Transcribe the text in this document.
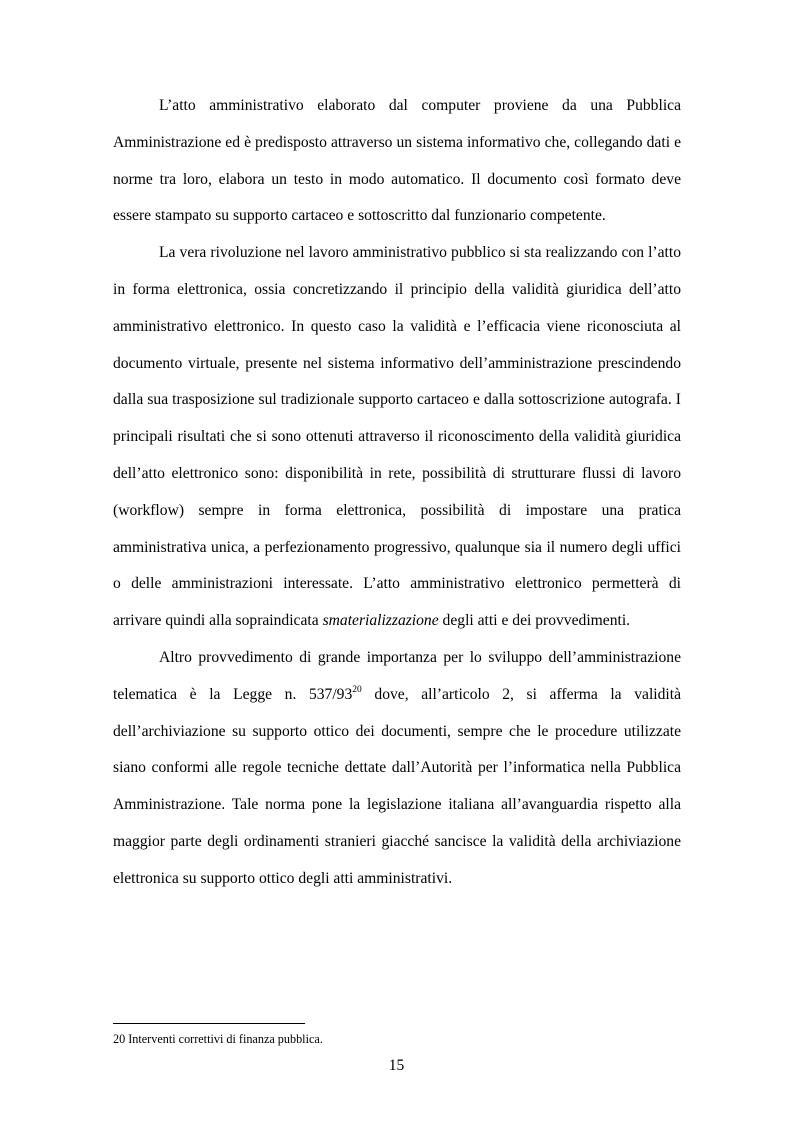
L’atto amministrativo elaborato dal computer proviene da una Pubblica Amministrazione ed è predisposto attraverso un sistema informativo che, collegando dati e norme tra loro, elabora un testo in modo automatico. Il documento così formato deve essere stampato su supporto cartaceo e sottoscritto dal funzionario competente.

La vera rivoluzione nel lavoro amministrativo pubblico si sta realizzando con l’atto in forma elettronica, ossia concretizzando il principio della validità giuridica dell’atto amministrativo elettronico. In questo caso la validità e l’efficacia viene riconosciuta al documento virtuale, presente nel sistema informativo dell’amministrazione prescindendo dalla sua trasposizione sul tradizionale supporto cartaceo e dalla sottoscrizione autografa. I principali risultati che si sono ottenuti attraverso il riconoscimento della validità giuridica dell’atto elettronico sono: disponibilità in rete, possibilità di strutturare flussi di lavoro (workflow) sempre in forma elettronica, possibilità di impostare una pratica amministrativa unica, a perfezionamento progressivo, qualunque sia il numero degli uffici o delle amministrazioni interessate. L’atto amministrativo elettronico permetterà di arrivare quindi alla sopraindicata smaterializzazione degli atti e dei provvedimenti.

Altro provvedimento di grande importanza per lo sviluppo dell’amministrazione telematica è la Legge n. $537/93^{20}$ dove, all’articolo 2, si afferma la validità dell’archiviazione su supporto ottico dei documenti, sempre che le procedure utilizzate siano conformi alle regole tecniche dettate dall’Autorità per l’informatica nella Pubblica Amministrazione. Tale norma pone la legislazione italiana all’avanguardia rispetto alla maggior parte degli ordinamenti stranieri giacché sancisce la validità della archiviazione elettronica su supporto ottico degli atti amministrativi.

20 Interventi correttivi di finanza pubblica.
15
